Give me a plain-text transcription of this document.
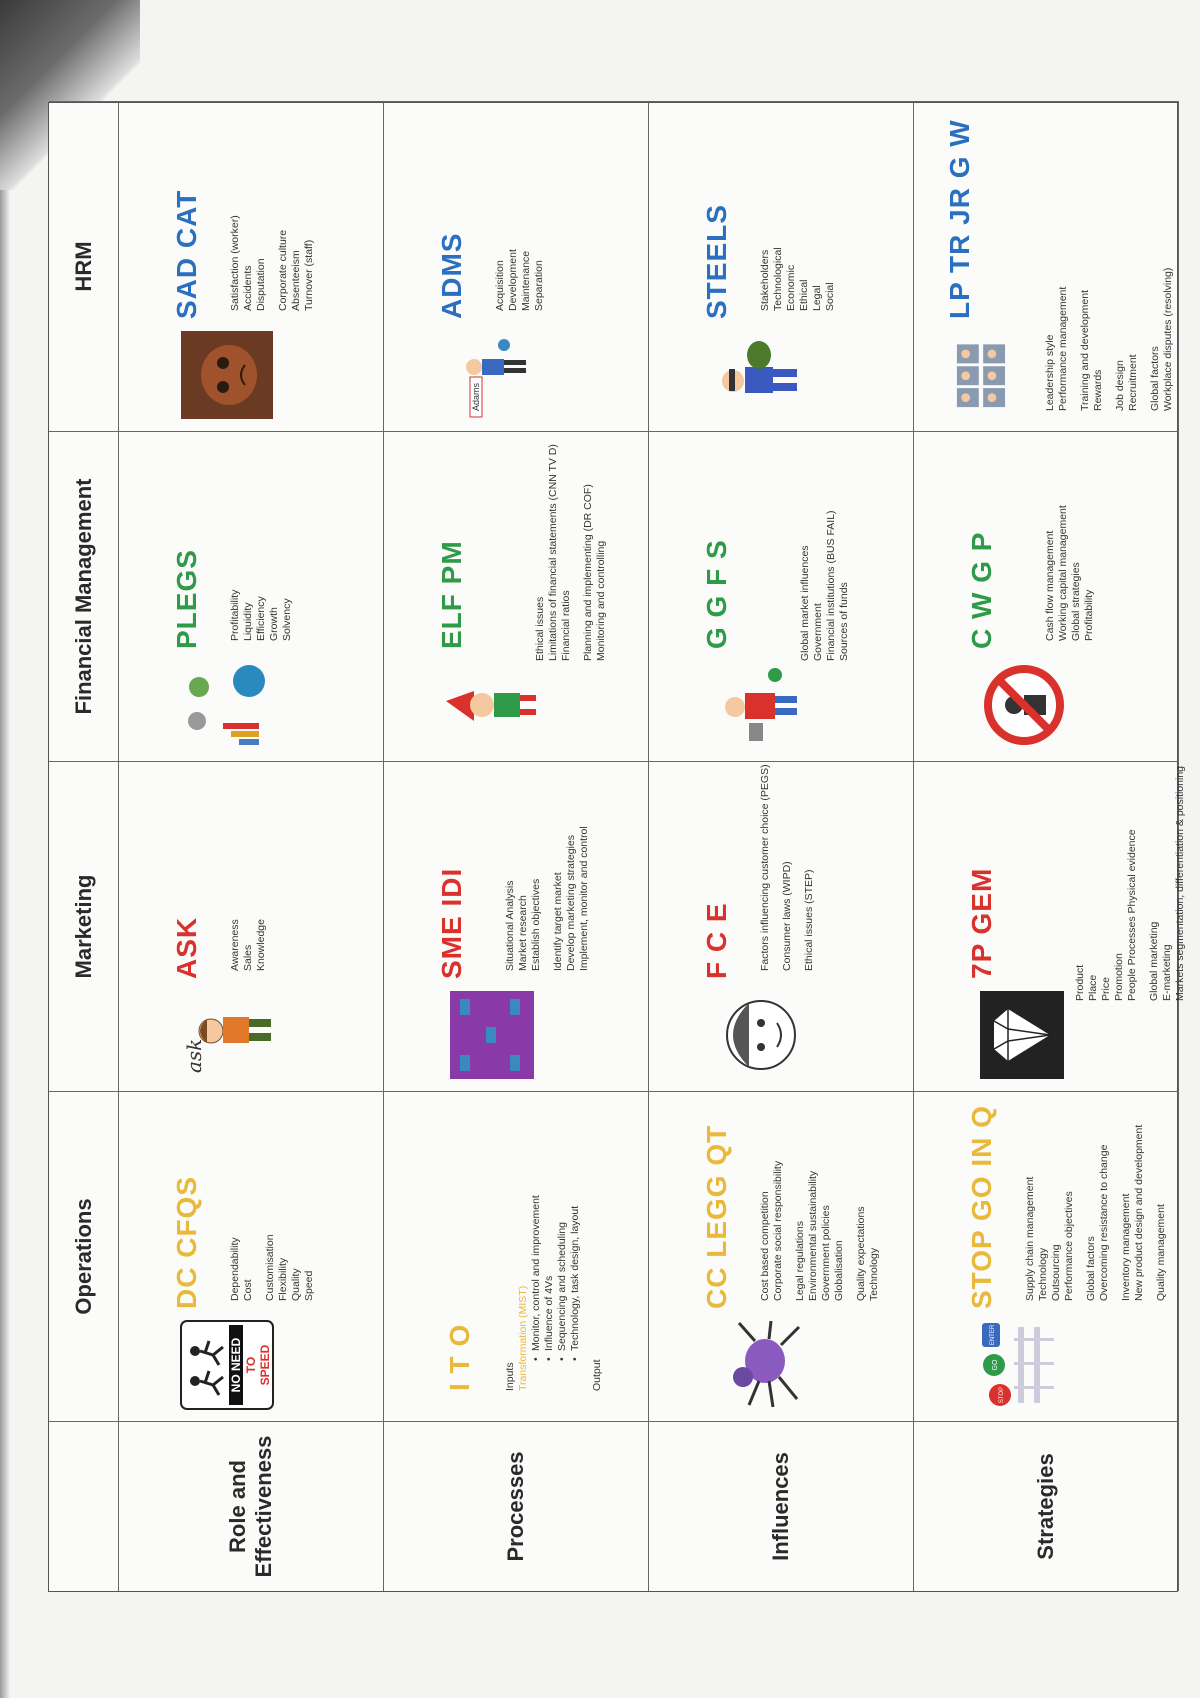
Operations
Marketing
Financial Management
HRM
Role and Effectiveness
NO NEED TO SPEED
DC CFQS	Dependability Cost Customisation Flexibility Quality Speed
ask
ASK	Awareness Sales Knowledge
PLEGS	Profitability Liquidity Efficiency Growth Solvency
SAD CAT	Satisfaction (worker) Accidents Disputation Corporate culture Absenteeism Turnover (staff)
Processes
I T O	Inputs Transformation (MIST) •Monitor, control and improvement
•Influence of 4Vs
•Sequencing and scheduling
•Technology, task design, layout
Output
SME IDI	Situational Analysis Market research Establish objectives Identify target market Develop marketing strategies Implement, monitor and control
ELF PM	Ethical issues Limitations of financial statements (CNN TV D) Financial ratios Planning and implementing (DR COF) Monitoring and controlling
Adams
ADMS	Acquisition Development Maintenance Separation
Influences
CC LEGG QT	Cost based competition Corporate social responsibility Legal regulations Environmental sustainability Government policies Globalisation Quality expectations Technology
F C E	Factors influencing customer choice (PEGS) Consumer laws (WIPD) Ethical issues (STEP)
G G F S	Global market influences Government Financial institutions (BUS FAIL) Sources of funds
STEELS	Stakeholders Technological Economic Ethical Legal Social
Strategies
STOP
GO
ENTER
STOP GO IN Q	Supply chain management Technology Outsourcing Performance objectives Global factors Overcoming resistance to change Inventory management New product design and development Quality management
7P GEM
Product Place Price Promotion People Processes Physical evidence Global marketing E-marketing Markets segmentation, differentiation & positioning
C W G P	Cash flow management Working capital management Global strategies Profitability
LP TR JR G W
Leadership style Performance management Training and development Rewards Job design Recruitment Global factors Workplace disputes (resolving)
